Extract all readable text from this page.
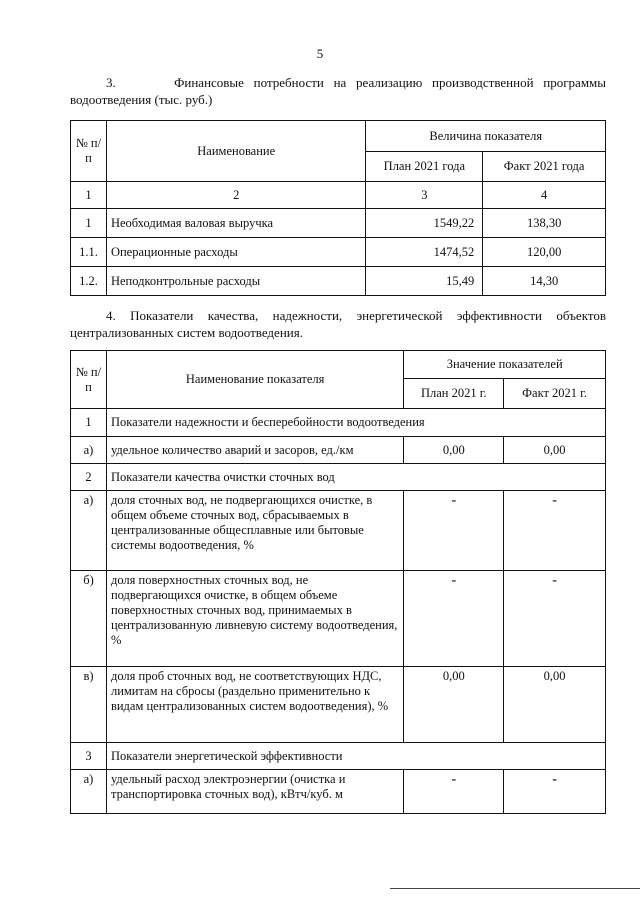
5
3.	Финансовые потребности на реализацию производственной программы
водоотведения (тыс. руб.)
№ п/п	Наименование	Величина показателя	
		План 2021 года	Факт 2021 года
1	2	3	4
1	Необходимая валовая выручка	1549,22	138,30
1.1.	Операционные расходы	1474,52	120,00
1.2.	Неподконтрольные расходы	15,49	14,30
4. Показатели качества, надежности, энергетической эффективности объектов
централизованных систем водоотведения.
№ п/п	Наименование показателя	Значение показателей	
		План 2021 г.	Факт 2021 г.
1	Показатели надежности и бесперебойности водоотведения		
а)	удельное количество аварий и засоров, ед./км	0,00	0,00
2	Показатели качества очистки сточных вод		
а)	доля сточных вод, не подвергающихся очистке, в общем объеме сточных вод, сбрасываемых в централизованные общесплавные или бытовые системы водоотведения, %	-	-
б)	доля поверхностных сточных вод, не подвергающихся очистке, в общем объеме поверхностных сточных вод, принимаемых в централизованную ливневую систему водоотведения, %	-	-
в)	доля проб сточных вод, не соответствующих НДС, лимитам на сбросы (раздельно применительно к видам централизованных систем водоотведения), %	0,00	0,00
3	Показатели энергетической эффективности		
а)	удельный расход электроэнергии (очистка и транспортировка сточных вод), кВтч/куб. м	-	-
